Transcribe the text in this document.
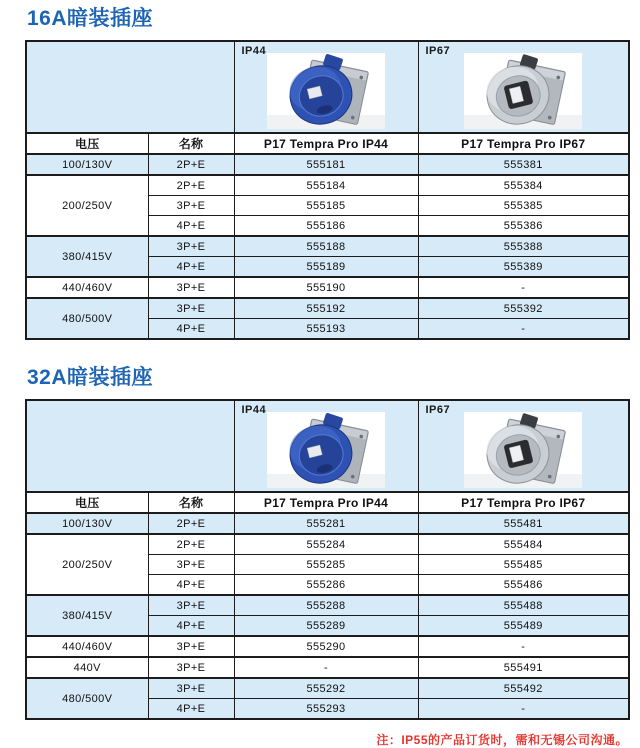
16A暗装插座

		IP44	IP67

电压	名称	P17 Tempra Pro IP44	P17 Tempra Pro IP67
100/130V	2P+E	555181	555381
200/250V	2P+E	555184	555384
	3P+E	555185	555385
	4P+E	555186	555386
380/415V	3P+E	555188	555388
	4P+E	555189	555389
440/460V	3P+E	555190	-
480/500V	3P+E	555192	555392
	4P+E	555193	-
32A暗装插座

		IP44	IP67

电压	名称	P17 Tempra Pro IP44	P17 Tempra Pro IP67
100/130V	2P+E	555281	555481
200/250V	2P+E	555284	555484
	3P+E	555285	555485
	4P+E	555286	555486
380/415V	3P+E	555288	555488
	4P+E	555289	555489
440/460V	3P+E	555290	-
440V	3P+E	-	555491
480/500V	3P+E	555292	555492
	4P+E	555293	-
注：IP55的产品订货时，需和无锡公司沟通。
